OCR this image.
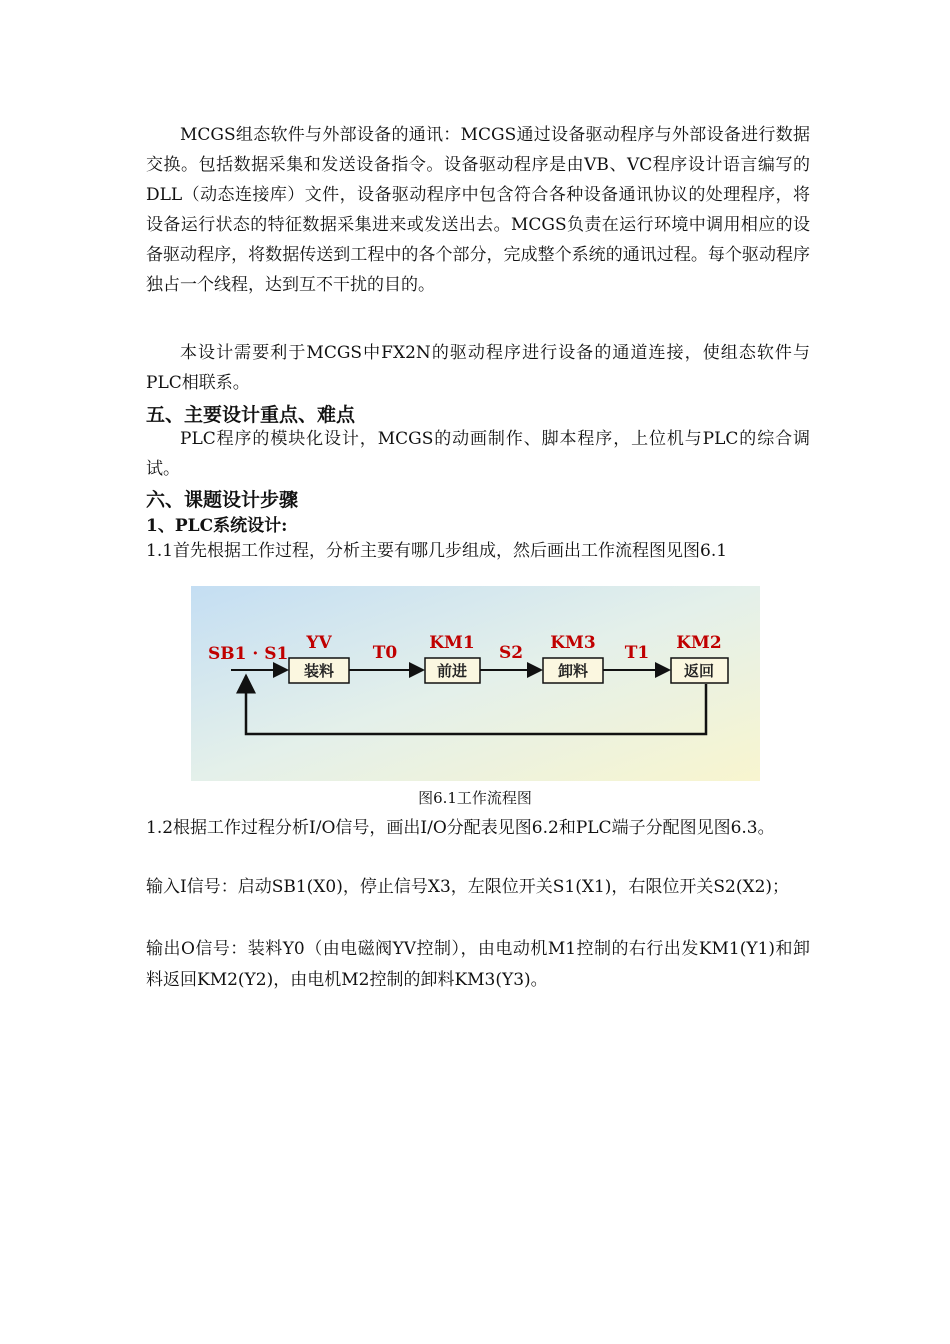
MCGS组态软件与外部设备的通讯：MCGS通过设备驱动程序与外部设备进行数据交换。包括数据采集和发送设备指令。设备驱动程序是由VB、VC程序设计语言编写的DLL（动态连接库）文件，设备驱动程序中包含符合各种设备通讯协议的处理程序，将设备运行状态的特征数据采集进来或发送出去。MCGS负责在运行环境中调用相应的设备驱动程序，将数据传送到工程中的各个部分，完成整个系统的通讯过程。每个驱动程序独占一个线程，达到互不干扰的目的。
本设计需要利于MCGS中FX2N的驱动程序进行设备的通道连接，使组态软件与PLC相联系。
五、主要设计重点、难点
PLC程序的模块化设计，MCGS的动画制作、脚本程序，上位机与PLC的综合调试。
六、课题设计步骤
1、PLC系统设计:
1.1首先根据工作过程，分析主要有哪几步组成，然后画出工作流程图见图6.1
SB1 · S1
装料	前进	卸料	返回
YV	KM1	KM3	KM2
T0	S2	T1
图6.1工作流程图
1.2根据工作过程分析I/O信号，画出I/O分配表见图6.2和PLC端子分配图见图6.3。
输入I信号：启动SB1(X0)，停止信号X3，左限位开关S1(X1)，右限位开关S2(X2)；
输出O信号：装料Y0（由电磁阀YV控制），由电动机M1控制的右行出发KM1(Y1)和卸料返回KM2(Y2)，由电机M2控制的卸料KM3(Y3)。
